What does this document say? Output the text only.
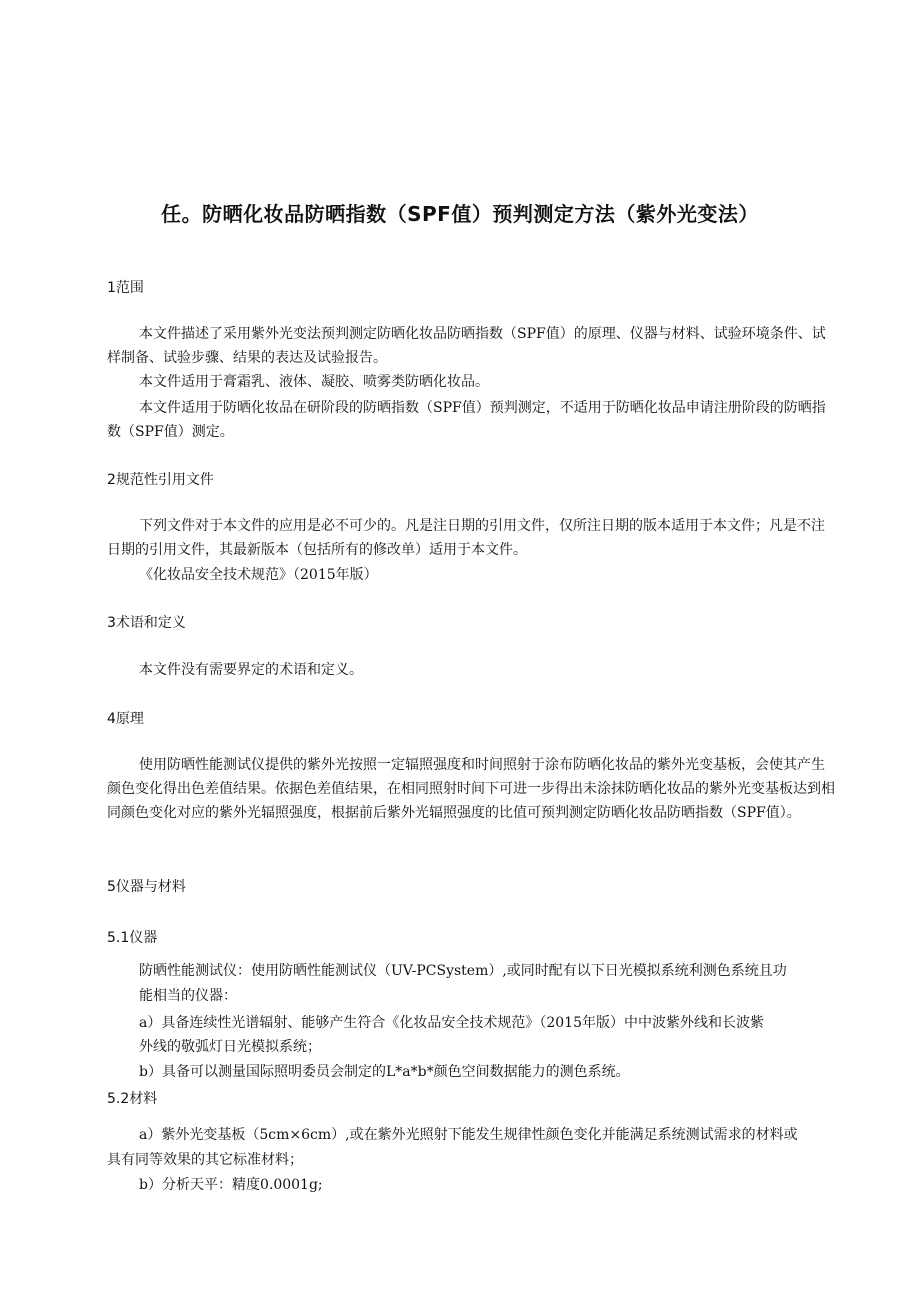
任。防晒化妆品防晒指数（SPF值）预判测定方法（紫外光变法）
1范围
本文件描述了采用紫外光变法预判测定防晒化妆品防晒指数（SPF值）的原理、仪器与材料、试验环境条件、试样制备、试验步骤、结果的表达及试验报告。
本文件适用于膏霜乳、液体、凝胶、喷雾类防晒化妆品。
本文件适用于防晒化妆品在研阶段的防晒指数（SPF值）预判测定，不适用于防晒化妆品申请注册阶段的防晒指数（SPF值）测定。
2规范性引用文件
下列文件对于本文件的应用是必不可少的。凡是注日期的引用文件，仅所注日期的版本适用于本文件；凡是不注日期的引用文件，其最新版本（包括所有的修改单）适用于本文件。
《化妆品安全技术规范》（2015年版）
3术语和定义
本文件没有需要界定的术语和定义。
4原理
使用防晒性能测试仪提供的紫外光按照一定辐照强度和时间照射于涂布防晒化妆品的紫外光变基板，会使其产生颜色变化得出色差值结果。依据色差值结果，在相同照射时间下可进一步得出未涂抹防晒化妆品的紫外光变基板达到相同颜色变化对应的紫外光辐照强度，根据前后紫外光辐照强度的比值可预判测定防晒化妆品防晒指数（SPF值）。
5仪器与材料
5.1仪器
防晒性能测试仪：使用防晒性能测试仪（UV-PCSystem）,或同时配有以下日光模拟系统利测色系统且功
能相当的仪器：
a）具备连续性光谱辐射、能够产生符合《化妆品安全技术规范》（2015年版）中中波紫外线和长波紫
外线的敬弧灯日光模拟系统；
b）具备可以测量国际照明委员会制定的L*a*b*颜色空间数据能力的测色系统。
5.2材料
a）紫外光变基板（5cm×6cm）,或在紫外光照射下能发生规律性颜色变化并能满足系统测试需求的材料或
具有同等效果的其它标准材料；
b）分析天平：精度0.0001g;
